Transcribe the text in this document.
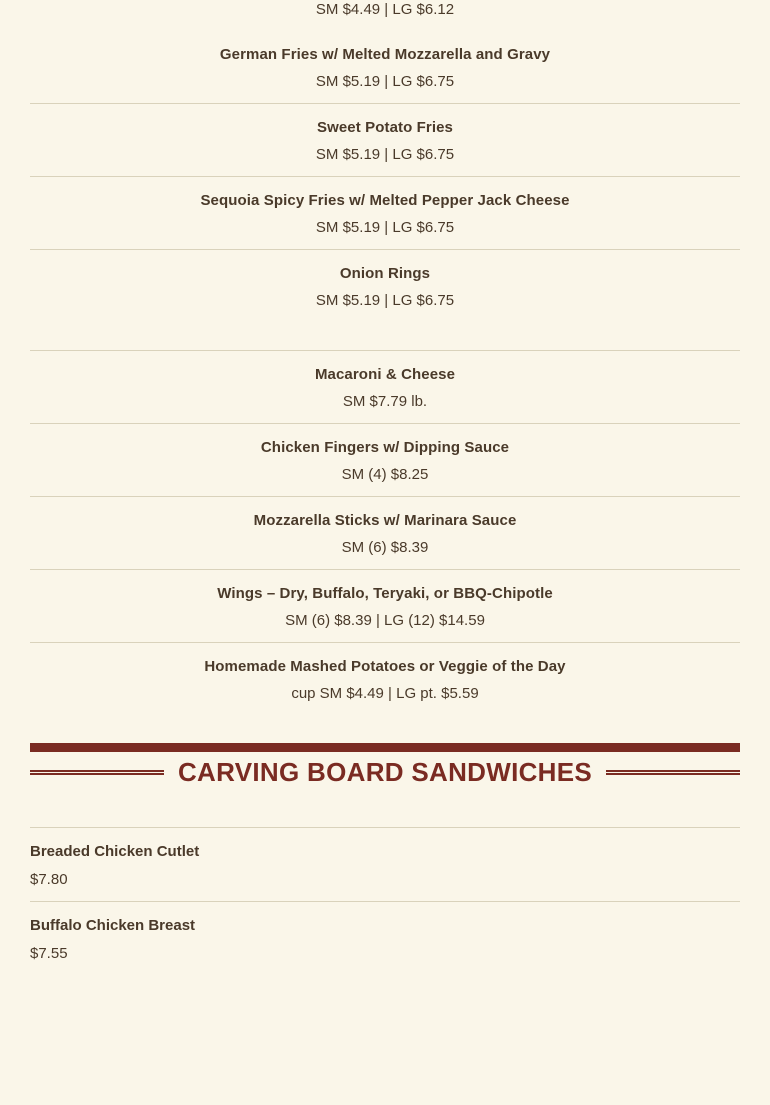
SM $4.49 | LG $6.12
German Fries w/ Melted Mozzarella and Gravy
SM $5.19 | LG $6.75
Sweet Potato Fries
SM $5.19 | LG $6.75
Sequoia Spicy Fries w/ Melted Pepper Jack Cheese
SM $5.19 | LG $6.75
Onion Rings
SM $5.19 | LG $6.75
Macaroni & Cheese
SM $7.79 lb.
Chicken Fingers w/ Dipping Sauce
SM (4) $8.25
Mozzarella Sticks w/ Marinara Sauce
SM (6) $8.39
Wings – Dry, Buffalo, Teryaki, or BBQ-Chipotle
SM (6) $8.39 | LG (12) $14.59
Homemade Mashed Potatoes or Veggie of the Day
cup SM $4.49 | LG pt. $5.59
CARVING BOARD SANDWICHES
Breaded Chicken Cutlet
$7.80
Buffalo Chicken Breast
$7.55
